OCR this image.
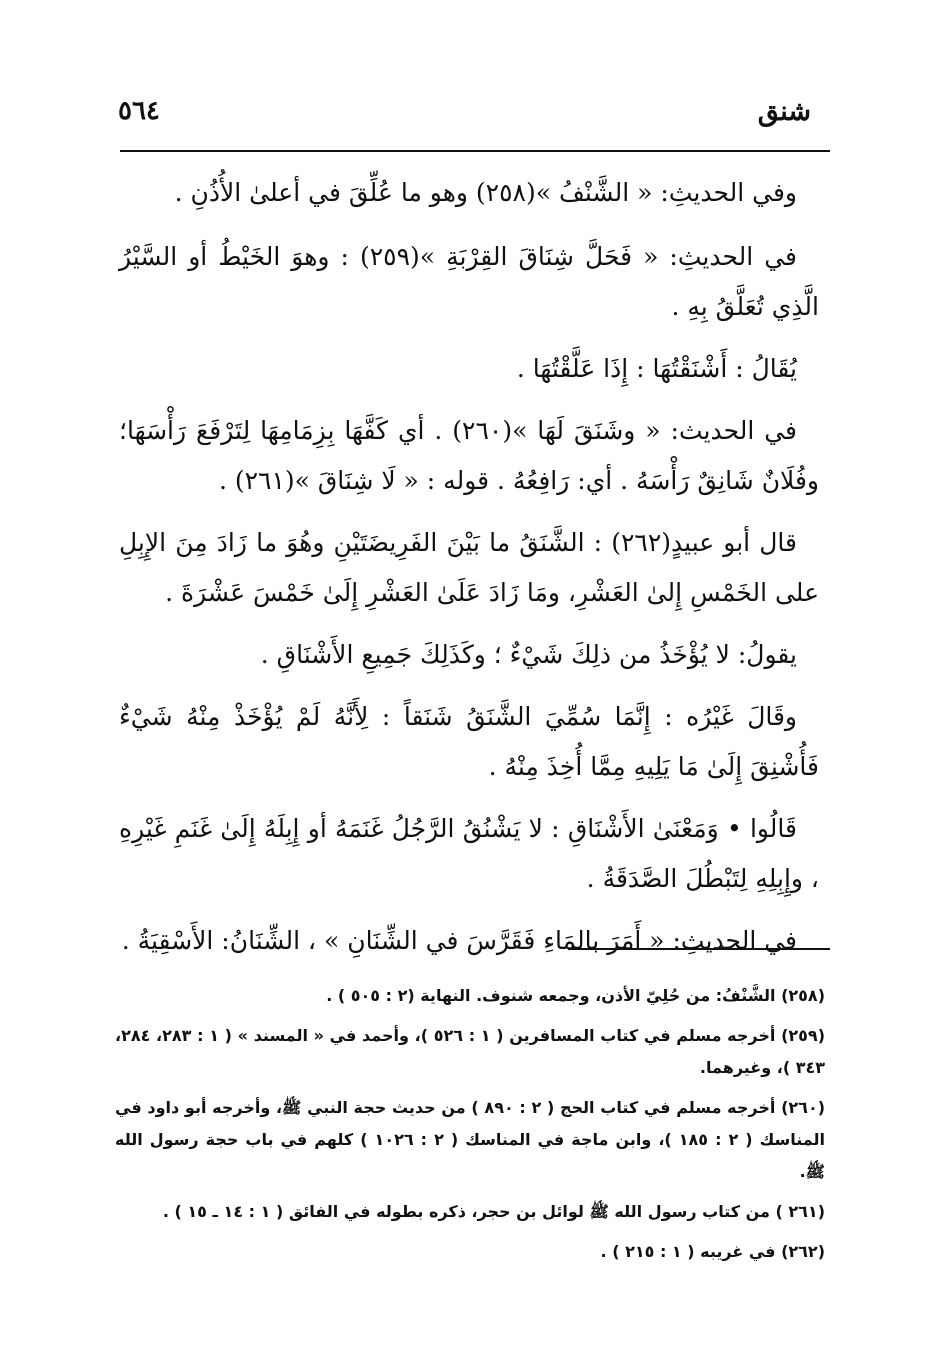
شنق
٥٦٤

وفي الحديثِ: « الشَّنْفُ »(٢٥٨) وهو ما عُلِّقَ في أعلىٰ الأُذُنِ .

في الحديثِ: « فَحَلَّ شِنَاقَ القِرْبَةِ »(٢٥٩) : وهوَ الخَيْطُ أو السَّيْرُ الَّذِي تُعَلَّقُ بِهِ .

يُقَالُ : أَشْنَقْتُهَا : إِذَا عَلَّقْتُهَا .

في الحديث: « وشَنَقَ لَهَا »(٢٦٠) . أي كَفَّهَا بِزِمَامِهَا لِتَرْفَعَ رَأْسَهَا؛ وفُلَانٌ شَانِقٌ رَأْسَهُ . أي: رَافِعُهُ . قوله : « لَا شِنَاقَ »(٢٦١) .

قال أبو عبيدٍ(٢٦٢) : الشَّنَقُ ما بَيْنَ الفَرِيضَتَيْنِ وهُوَ ما زَادَ مِنَ الإِبِلِ على الخَمْسِ إِلىٰ العَشْرِ، ومَا زَادَ عَلَىٰ العَشْرِ إِلَىٰ خَمْسَ عَشْرَةَ .

يقولُ: لا يُؤْخَذُ من ذلِكَ شَيْءٌ ؛ وكَذَلِكَ جَمِيعِ الأَشْنَاقِ .

وقَالَ غَيْرُه : إِنَّمَا سُمِّيَ الشَّنَقُ شَنَقاً : لِأَنَّهُ لَمْ يُؤْخَذْ مِنْهُ شَيْءٌ فَأُشْنِقَ إِلَىٰ مَا يَلِيهِ مِمَّا أُخِذَ مِنْهُ .

قَالُوا • وَمَعْنَىٰ الأَشْنَاقِ : لا يَشْنُقُ الرَّجُلُ غَنَمَهُ أو إِبِلَهُ إِلَىٰ غَنَمِ غَيْرِهِ ، وإِبِلِهِ لِتَبْطُلَ الصَّدَقَةُ .

في الحديثِ: « أَمَرَ بالمَاءِ فَقَرَّسَ في الشِّنَانِ » ، الشِّنَانُ: الأَسْقِيَةُ .

(٢٥٨) الشَّنْفُ: من حُلِيّ الأذن، وجمعه شنوف. النهاية (٢ : ٥٠٥ ) .

(٢٥٩) أخرجه مسلم في كتاب المسافرين ( ١ : ٥٢٦ )، وأحمد في « المسند » ( ١ : ٢٨٣، ٢٨٤، ٣٤٣ )، وغيرهما.

(٢٦٠) أخرجه مسلم في كتاب الحج ( ٢ : ٨٩٠ ) من حديث حجة النبي ﷺ، وأخرجه أبو داود في المناسك ( ٢ : ١٨٥ )، وابن ماجة في المناسك ( ٢ : ١٠٢٦ ) كلهم في باب حجة رسول الله ﷺ.

(٢٦١ ) من كتاب رسول الله ﷺ لوائل بن حجر، ذكره بطوله في الفائق ( ١ : ١٤ ـ ١٥ ) .

(٢٦٢) في غريبه ( ١ : ٢١٥ ) .
